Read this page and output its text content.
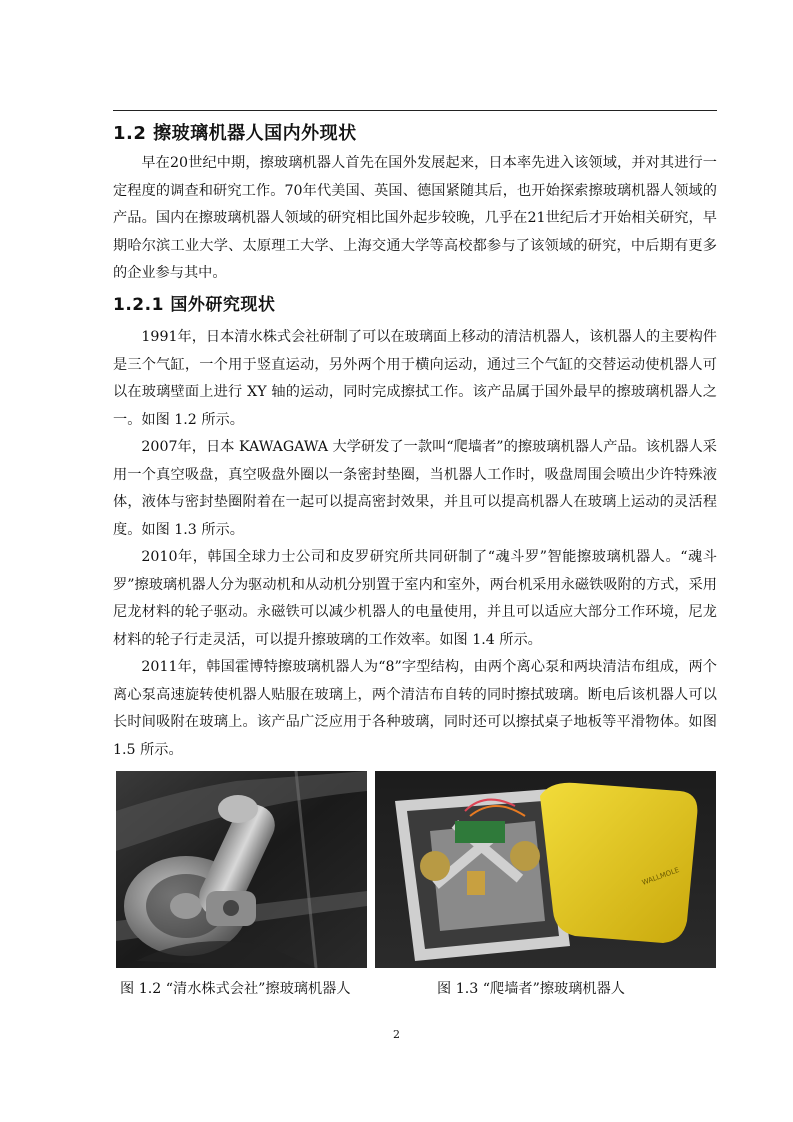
1.2 擦玻璃机器人国内外现状
早在20世纪中期，擦玻璃机器人首先在国外发展起来，日本率先进入该领域，并对其进行一定程度的调查和研究工作。70年代美国、英国、德国紧随其后，也开始探索擦玻璃机器人领域的产品。国内在擦玻璃机器人领域的研究相比国外起步较晚，几乎在21世纪后才开始相关研究，早期哈尔滨工业大学、太原理工大学、上海交通大学等高校都参与了该领域的研究，中后期有更多的企业参与其中。
1.2.1 国外研究现状
1991年，日本清水株式会社研制了可以在玻璃面上移动的清洁机器人，该机器人的主要构件是三个气缸，一个用于竖直运动，另外两个用于横向运动，通过三个气缸的交替运动使机器人可以在玻璃壁面上进行 XY 轴的运动，同时完成擦拭工作。该产品属于国外最早的擦玻璃机器人之一。如图 1.2 所示。
2007年，日本 KAWAGAWA 大学研发了一款叫“爬墙者”的擦玻璃机器人产品。该机器人采用一个真空吸盘，真空吸盘外圈以一条密封垫圈，当机器人工作时，吸盘周围会喷出少许特殊液体，液体与密封垫圈附着在一起可以提高密封效果，并且可以提高机器人在玻璃上运动的灵活程度。如图 1.3 所示。
2010年，韩国全球力士公司和皮罗研究所共同研制了“魂斗罗”智能擦玻璃机器人。“魂斗罗”擦玻璃机器人分为驱动机和从动机分别置于室内和室外，两台机采用永磁铁吸附的方式，采用尼龙材料的轮子驱动。永磁铁可以减少机器人的电量使用，并且可以适应大部分工作环境，尼龙材料的轮子行走灵活，可以提升擦玻璃的工作效率。如图 1.4 所示。
2011年，韩国霍博特擦玻璃机器人为“8”字型结构，由两个离心泵和两块清洁布组成，两个离心泵高速旋转使机器人贴服在玻璃上，两个清洁布自转的同时擦拭玻璃。断电后该机器人可以长时间吸附在玻璃上。该产品广泛应用于各种玻璃，同时还可以擦拭桌子地板等平滑物体。如图 1.5 所示。
WALLMOLE
图 1.2 “清水株式会社”擦玻璃机器人	图 1.3 “爬墙者”擦玻璃机器人
2
